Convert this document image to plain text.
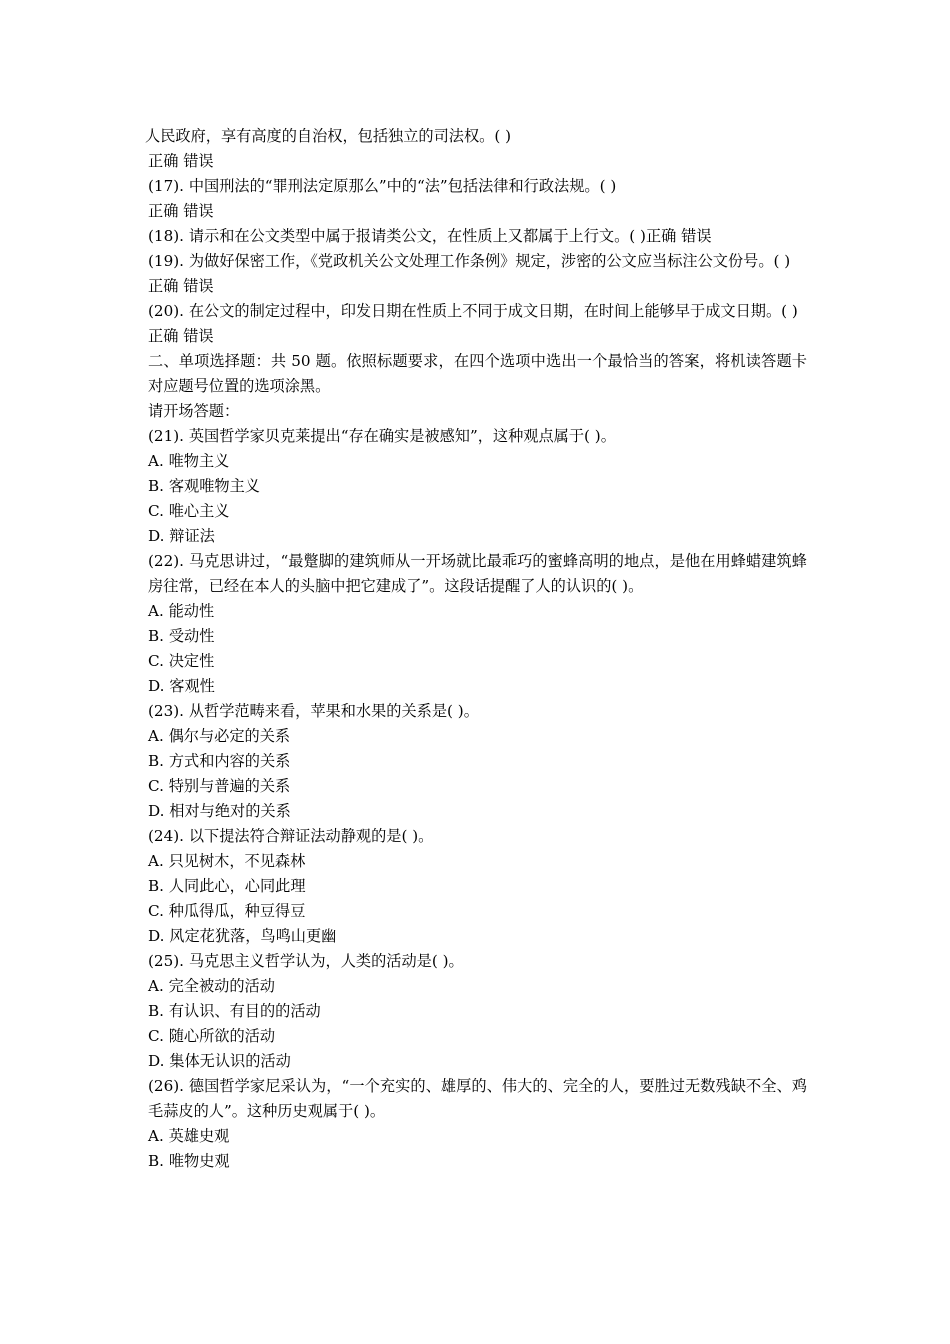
人民政府，享有高度的自治权，包括独立的司法权。( )
正确 错误
(17). 中国刑法的“罪刑法定原那么”中的“法”包括法律和行政法规。( )
正确 错误
(18). 请示和在公文类型中属于报请类公文，在性质上又都属于上行文。( )正确 错误
(19). 为做好保密工作，《党政机关公文处理工作条例》规定，涉密的公文应当标注公文份号。( )
正确 错误
(20). 在公文的制定过程中，印发日期在性质上不同于成文日期，在时间上能够早于成文日期。( )
正确 错误
二、单项选择题：共 50 题。依照标题要求，在四个选项中选出一个最恰当的答案，将机读答题卡对应题号位置的选项涂黑。
请开场答题：
(21). 英国哲学家贝克莱提出“存在确实是被感知”，这种观点属于( )。
A. 唯物主义
B. 客观唯物主义
C. 唯心主义
D. 辩证法
(22). 马克思讲过，“最蹩脚的建筑师从一开场就比最乖巧的蜜蜂高明的地点，是他在用蜂蜡建筑蜂房往常，已经在本人的头脑中把它建成了”。这段话提醒了人的认识的( )。
A. 能动性
B. 受动性
C. 决定性
D. 客观性
(23). 从哲学范畴来看，苹果和水果的关系是( )。
A. 偶尔与必定的关系
B. 方式和内容的关系
C. 特别与普遍的关系
D. 相对与绝对的关系
(24). 以下提法符合辩证法动静观的是( )。
A. 只见树木，不见森林
B. 人同此心，心同此理
C. 种瓜得瓜，种豆得豆
D. 风定花犹落，鸟鸣山更幽
(25). 马克思主义哲学认为，人类的活动是( )。
A. 完全被动的活动
B. 有认识、有目的的活动
C. 随心所欲的活动
D. 集体无认识的活动
(26). 德国哲学家尼采认为，“一个充实的、雄厚的、伟大的、完全的人，要胜过无数残缺不全、鸡毛蒜皮的人”。这种历史观属于( )。
A. 英雄史观
B. 唯物史观
